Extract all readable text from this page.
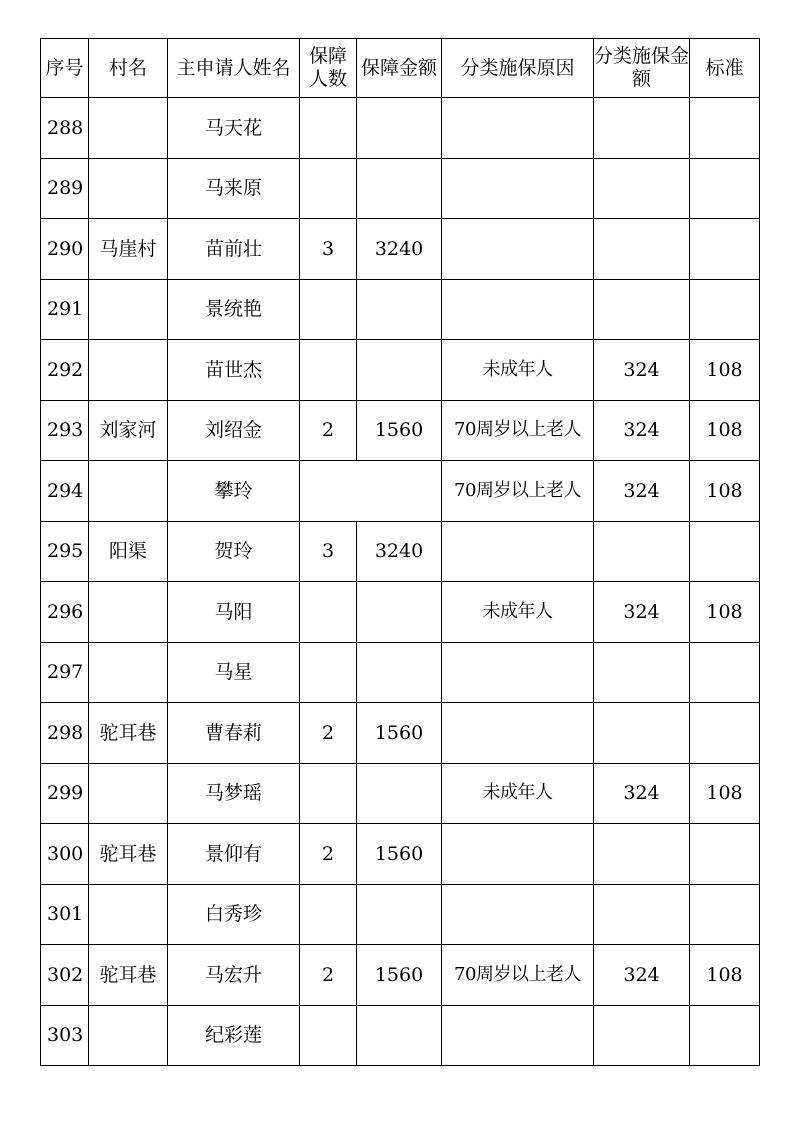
序号	村名	主申请人姓名	保障人数	保障金额	分类施保原因	分类施保金额	标准
288		马天花					
289		马来原					
290	马崖村	苗前壮	3	3240			
291		景统艳					
292		苗世杰			未成年人	324	108
293	刘家河	刘绍金	2	1560	70周岁以上老人	324	108
294		攀玲			70周岁以上老人	324	108
295	阳渠	贺玲	3	3240			
296		马阳			未成年人	324	108
297		马星					
298	驼耳巷	曹春莉	2	1560			
299		马梦瑶			未成年人	324	108
300	驼耳巷	景仰有	2	1560			
301		白秀珍					
302	驼耳巷	马宏升	2	1560	70周岁以上老人	324	108
303		纪彩莲					
